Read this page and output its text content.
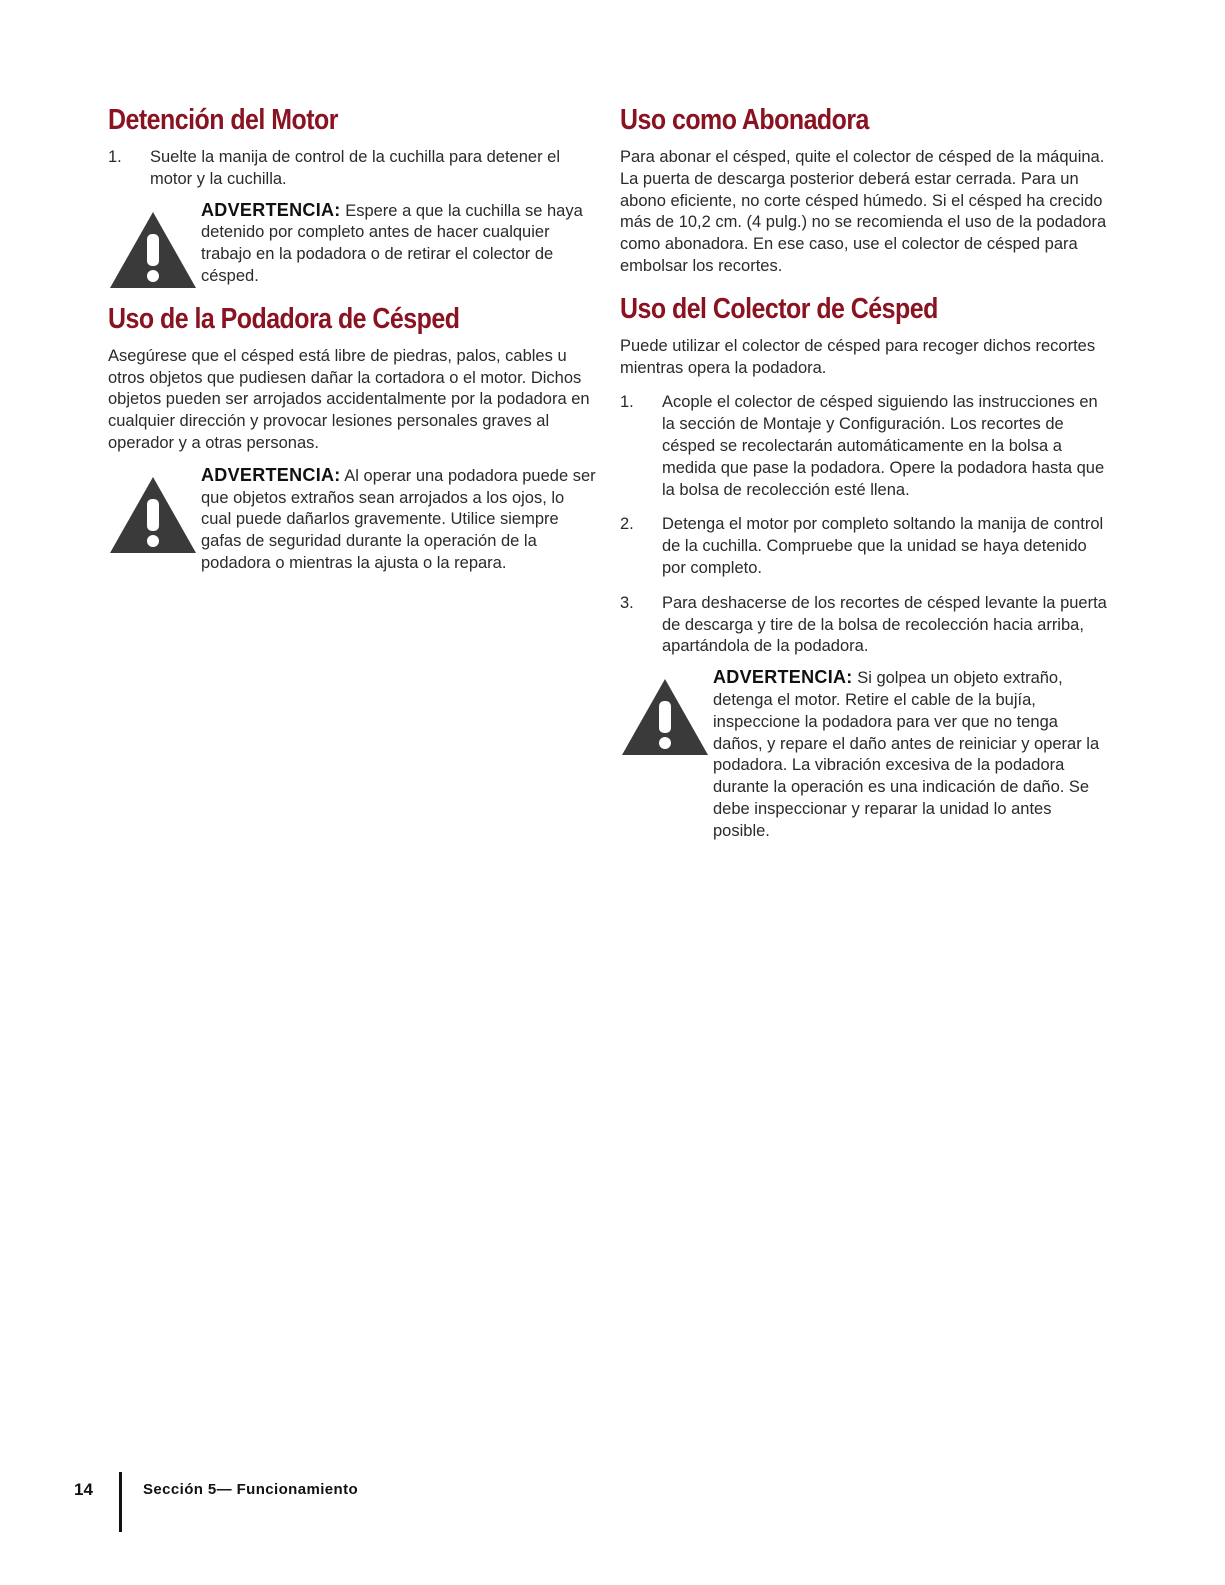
Detención del Motor
1. Suelte la manija de control de la cuchilla para detener el motor y la cuchilla.
ADVERTENCIA: Espere a que la cuchilla se haya detenido por completo antes de hacer cualquier trabajo en la podadora o de retirar el colector de césped.
Uso de la Podadora de Césped

Asegúrese que el césped está libre de piedras, palos, cables u otros objetos que pudiesen dañar la cortadora o el motor. Dichos objetos pueden ser arrojados accidentalmente por la podadora en cualquier dirección y provocar lesiones personales graves al operador y a otras personas.

ADVERTENCIA: Al operar una podadora puede ser que objetos extraños sean arrojados a los ojos, lo cual puede dañarlos gravemente. Utilice siempre gafas de seguridad durante la operación de la podadora o mientras la ajusta o la repara.
Uso como Abonadora

Para abonar el césped, quite el colector de césped de la máquina. La puerta de descarga posterior deberá estar cerrada. Para un abono eficiente, no corte césped húmedo. Si el césped ha crecido más de 10,2 cm. (4 pulg.) no se recomienda el uso de la podadora como abonadora. En ese caso, use el colector de césped para embolsar los recortes.

Uso del Colector de Césped

Puede utilizar el colector de césped para recoger dichos recortes mientras opera la podadora.

1. Acople el colector de césped siguiendo las instrucciones en la sección de Montaje y Configuración. Los recortes de césped se recolectarán automáticamente en la bolsa a medida que pase la podadora. Opere la podadora hasta que la bolsa de recolección esté llena.
2. Detenga el motor por completo soltando la manija de control de la cuchilla. Compruebe que la unidad se haya detenido por completo.
3. Para deshacerse de los recortes de césped levante la puerta de descarga y tire de la bolsa de recolección hacia arriba, apartándola de la podadora.
ADVERTENCIA: Si golpea un objeto extraño, detenga el motor. Retire el cable de la bujía, inspeccione la podadora para ver que no tenga daños, y repare el daño antes de reiniciar y operar la podadora. La vibración excesiva de la podadora durante la operación es una indicación de daño. Se debe inspeccionar y reparar la unidad lo antes posible.
14	Sección 5— Funcionamiento
